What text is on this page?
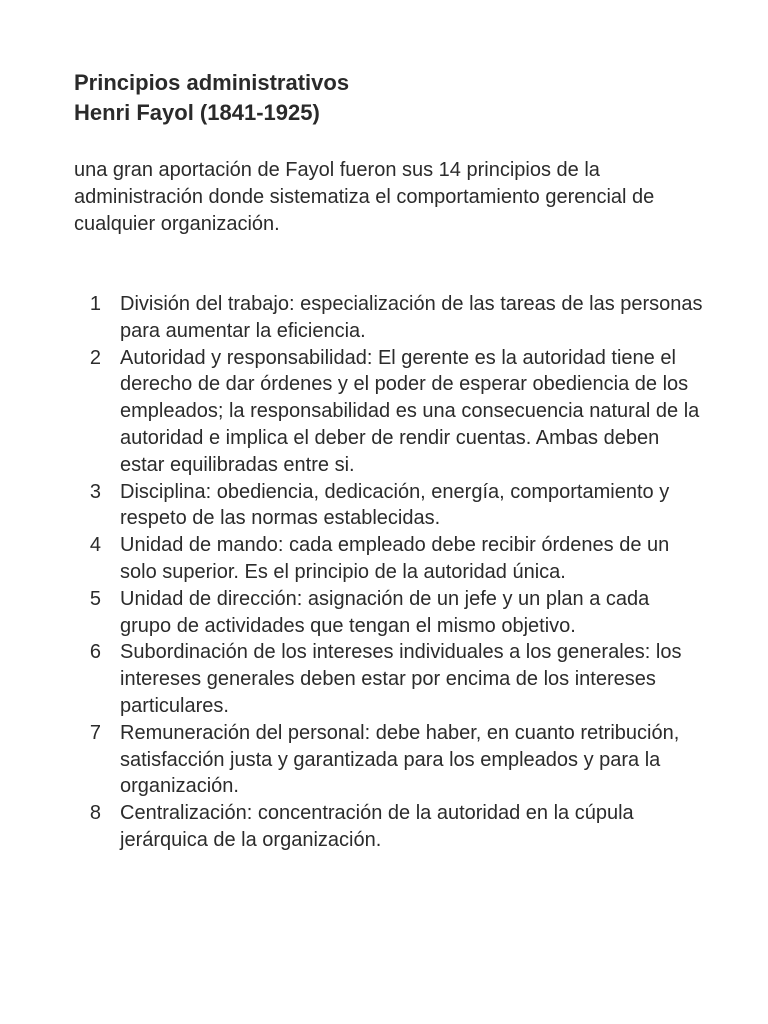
Principios administrativos

Henri Fayol (1841-1925)

una gran aportación de Fayol fueron sus 14 principios de la administración donde sistematiza el comportamiento gerencial de cualquier organización.

1 División del trabajo: especialización de las tareas de las personas para aumentar la eficiencia.
2 Autoridad y responsabilidad: El gerente es la autoridad tiene el derecho de dar órdenes y el poder de esperar obediencia de los empleados; la responsabilidad es una consecuencia natural de la autoridad e implica el deber de rendir cuentas. Ambas deben estar equilibradas entre si.
3 Disciplina: obediencia, dedicación, energía, comportamiento y respeto de las normas establecidas.
4 Unidad de mando: cada empleado debe recibir órdenes de un solo superior. Es el principio de la autoridad única.
5 Unidad de dirección: asignación de un jefe y un plan a cada grupo de actividades que tengan el mismo objetivo.
6 Subordinación de los intereses individuales a los generales: los intereses generales deben estar por encima de los intereses particulares.
7 Remuneración del personal: debe haber, en cuanto retribución, satisfacción justa y garantizada para los empleados y para la organización.
8 Centralización: concentración de la autoridad en la cúpula jerárquica de la organización.
